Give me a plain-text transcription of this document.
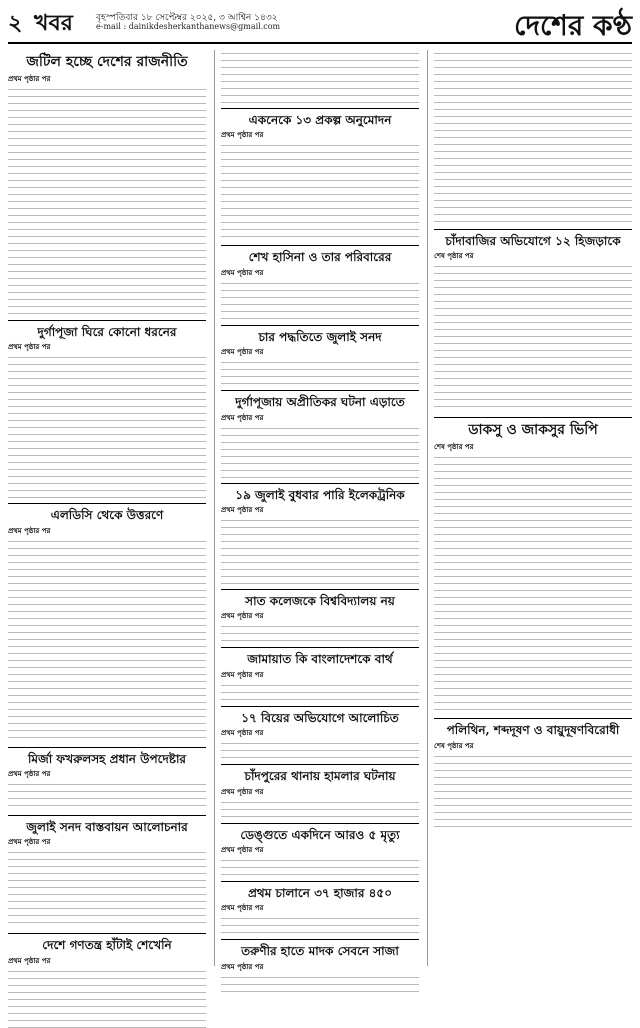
২ খবর	বৃহস্পতিবার ১৮ সেপ্টেম্বর ২০২৫, ৩ আশ্বিন ১৪৩২
e-mail : dainikdesherkanthanews@gmail.com	দেশের কণ্ঠ
জটিল হচ্ছে দেশের রাজনীতি
প্রথম পৃষ্ঠার পর
দুর্গাপূজা ঘিরে কোনো ধরনের
প্রথম পৃষ্ঠার পর
এলডিসি থেকে উত্তরণে
প্রথম পৃষ্ঠার পর
মির্জা ফখরুলসহ প্রধান উপদেষ্টার
প্রথম পৃষ্ঠার পর
জুলাই সনদ বাস্তবায়ন আলোচনার
প্রথম পৃষ্ঠার পর
দেশে গণতন্ত্র হাঁটাই শেখেনি
প্রথম পৃষ্ঠার পর
একনেকে ১৩ প্রকল্প অনুমোদন
প্রথম পৃষ্ঠার পর
শেখ হাসিনা ও তার পরিবারের
প্রথম পৃষ্ঠার পর
চার পদ্ধতিতে জুলাই সনদ
প্রথম পৃষ্ঠার পর
দুর্গাপূজায় অপ্রীতিকর ঘটনা এড়াতে
প্রথম পৃষ্ঠার পর
১৯ জুলাই বুধবার পারি ইলেকট্রনিক
প্রথম পৃষ্ঠার পর
সাত কলেজকে বিশ্ববিদ্যালয় নয়
প্রথম পৃষ্ঠার পর
জামায়াত কি বাংলাদেশকে বার্থ
প্রথম পৃষ্ঠার পর
১৭ বিয়ের অভিযোগে আলোচিত
প্রথম পৃষ্ঠার পর
চাঁদপুরের থানায় হামলার ঘটনায়
প্রথম পৃষ্ঠার পর
ডেঙ্গুতে একদিনে আরও ৫ মৃত্যু
প্রথম পৃষ্ঠার পর
প্রথম চালানে ৩৭ হাজার ৪৫০
প্রথম পৃষ্ঠার পর
তরুণীর হাতে মাদক সেবনে সাজা
প্রথম পৃষ্ঠার পর
চাঁদাবাজির অভিযোগে ১২ হিজড়াকে
শেষ পৃষ্ঠার পর
ডাকসু ও জাকসুর ভিপি
শেষ পৃষ্ঠার পর
পলিথিন, শব্দদূষণ ও বায়ুদূষণবিরোধী
শেষ পৃষ্ঠার পর
